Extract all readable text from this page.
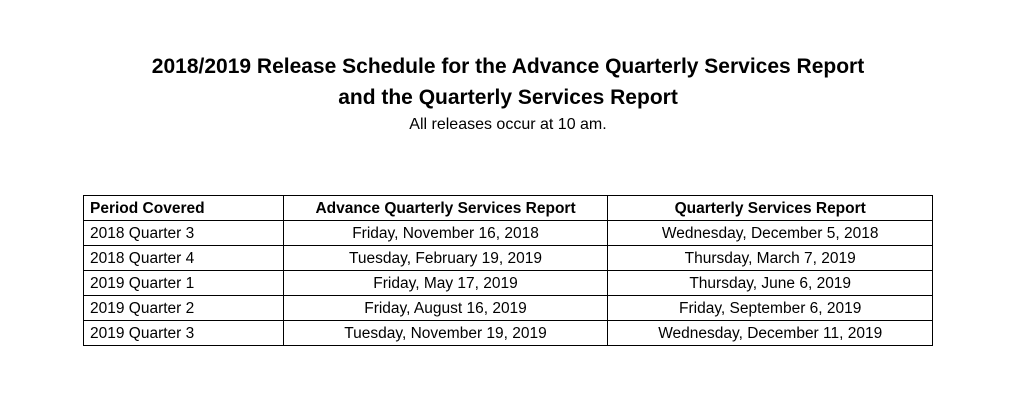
2018/2019 Release Schedule for the Advance Quarterly Services Report
and the Quarterly Services Report
All releases occur at 10 am.
Period Covered	Advance Quarterly Services Report	Quarterly Services Report
2018 Quarter 3	Friday, November 16, 2018	Wednesday, December 5, 2018
2018 Quarter 4	Tuesday, February 19, 2019	Thursday, March 7, 2019
2019 Quarter 1	Friday, May 17, 2019	Thursday, June 6, 2019
2019 Quarter 2	Friday, August 16, 2019	Friday, September 6, 2019
2019 Quarter 3	Tuesday, November 19, 2019	Wednesday, December 11, 2019
